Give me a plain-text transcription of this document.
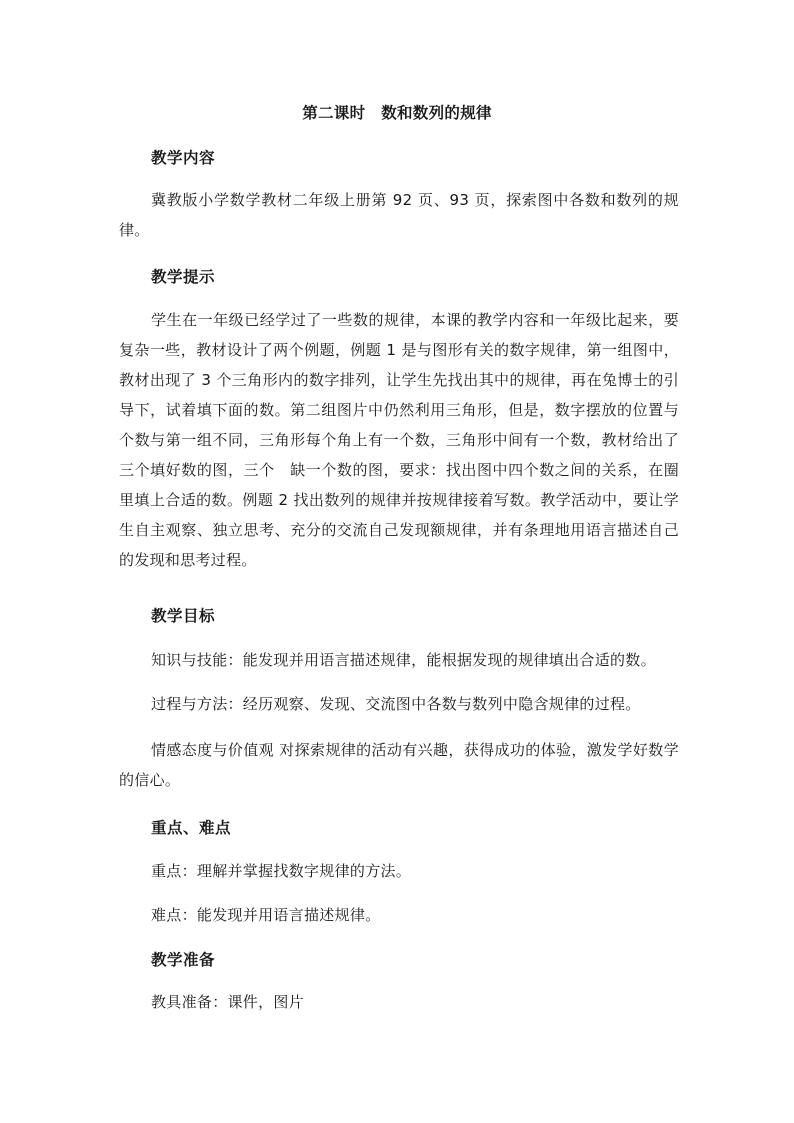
第二课时　数和数列的规律
教学内容

冀教版小学数学教材二年级上册第 92 页、93 页，探索图中各数和数列的规律。

教学提示

学生在一年级已经学过了一些数的规律，本课的教学内容和一年级比起来，要复杂一些，教材设计了两个例题，例题 1 是与图形有关的数字规律，第一组图中，教材出现了 3 个三角形内的数字排列，让学生先找出其中的规律，再在兔博士的引导下，试着填下面的数。第二组图片中仍然利用三角形，但是，数字摆放的位置与个数与第一组不同，三角形每个角上有一个数，三角形中间有一个数，教材给出了三个填好数的图，三个　缺一个数的图，要求：找出图中四个数之间的关系，在圈里填上合适的数。例题 2 找出数列的规律并按规律接着写数。教学活动中，要让学生自主观察、独立思考、充分的交流自己发现额规律，并有条理地用语言描述自己的发现和思考过程。

教学目标

知识与技能：能发现并用语言描述规律，能根据发现的规律填出合适的数。

过程与方法：经历观察、发现、交流图中各数与数列中隐含规律的过程。

情感态度与价值观 对探索规律的活动有兴趣，获得成功的体验，激发学好数学的信心。

重点、难点

重点：理解并掌握找数字规律的方法。

难点：能发现并用语言描述规律。

教学准备

教具准备：课件，图片
